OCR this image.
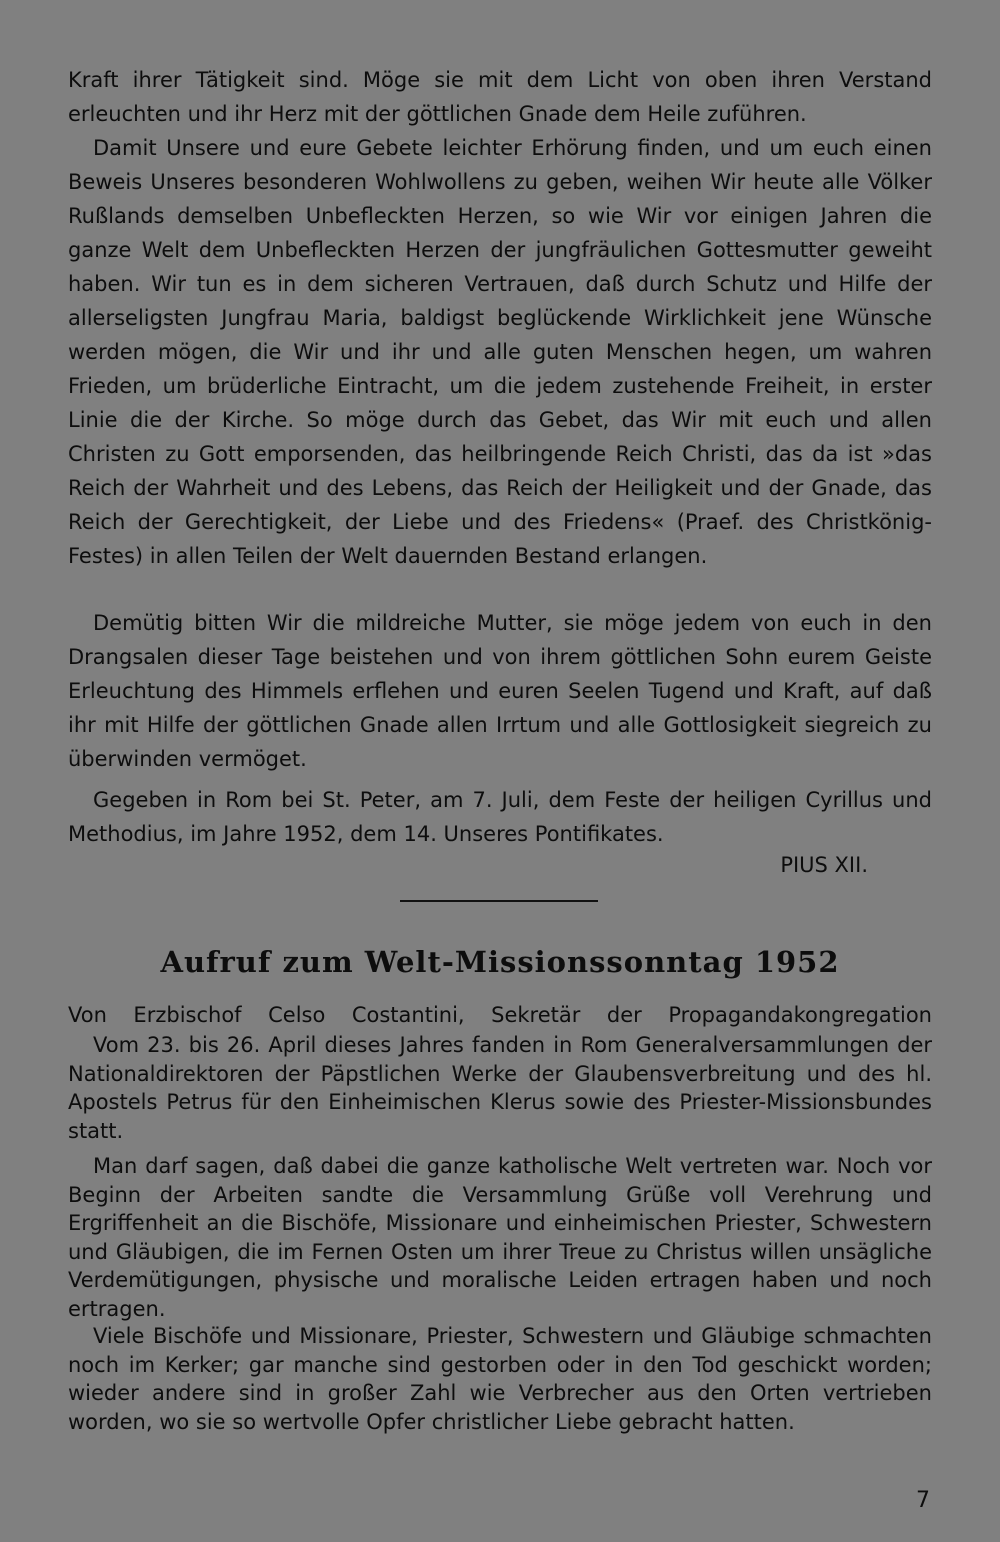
Kraft ihrer Tätigkeit sind. Möge sie mit dem Licht von oben ihren Verstand erleuchten und ihr Herz mit der göttlichen Gnade dem Heile zuführen.

Damit Unsere und eure Gebete leichter Erhörung finden, und um euch einen Beweis Unseres besonderen Wohlwollens zu geben, weihen Wir heute alle Völker Rußlands demselben Unbefleckten Herzen, so wie Wir vor einigen Jahren die ganze Welt dem Unbefleckten Herzen der jungfräulichen Gottesmutter geweiht haben. Wir tun es in dem sicheren Vertrauen, daß durch Schutz und Hilfe der allerseligsten Jungfrau Maria, baldigst beglückende Wirklichkeit jene Wünsche werden mögen, die Wir und ihr und alle guten Menschen hegen, um wahren Frieden, um brüderliche Eintracht, um die jedem zustehende Freiheit, in erster Linie die der Kirche. So möge durch das Gebet, das Wir mit euch und allen Christen zu Gott emporsenden, das heilbringende Reich Christi, das da ist »das Reich der Wahrheit und des Lebens, das Reich der Heiligkeit und der Gnade, das Reich der Gerechtigkeit, der Liebe und des Friedens« (Praef. des Christkönig-Festes) in allen Teilen der Welt dauernden Bestand erlangen.

Demütig bitten Wir die mildreiche Mutter, sie möge jedem von euch in den Drangsalen dieser Tage beistehen und von ihrem göttlichen Sohn eurem Geiste Erleuchtung des Himmels erflehen und euren Seelen Tugend und Kraft, auf daß ihr mit Hilfe der göttlichen Gnade allen Irrtum und alle Gottlosigkeit siegreich zu überwinden vermöget.

Gegeben in Rom bei St. Peter, am 7. Juli, dem Feste der heiligen Cyrillus und Methodius, im Jahre 1952, dem 14. Unseres Pontifikates.

PIUS XII.

Aufruf zum Welt-Missionssonntag 1952

Von Erzbischof Celso Costantini, Sekretär der Propagandakongregation

Vom 23. bis 26. April dieses Jahres fanden in Rom Generalversammlungen der Nationaldirektoren der Päpstlichen Werke der Glaubensverbreitung und des hl. Apostels Petrus für den Einheimischen Klerus sowie des Priester-Missionsbundes statt.

Man darf sagen, daß dabei die ganze katholische Welt vertreten war. Noch vor Beginn der Arbeiten sandte die Versammlung Grüße voll Verehrung und Ergriffenheit an die Bischöfe, Missionare und einheimischen Priester, Schwestern und Gläubigen, die im Fernen Osten um ihrer Treue zu Christus willen unsägliche Verdemütigungen, physische und moralische Leiden ertragen haben und noch ertragen.

Viele Bischöfe und Missionare, Priester, Schwestern und Gläubige schmachten noch im Kerker; gar manche sind gestorben oder in den Tod geschickt worden; wieder andere sind in großer Zahl wie Verbrecher aus den Orten vertrieben worden, wo sie so wertvolle Opfer christlicher Liebe gebracht hatten.

7
